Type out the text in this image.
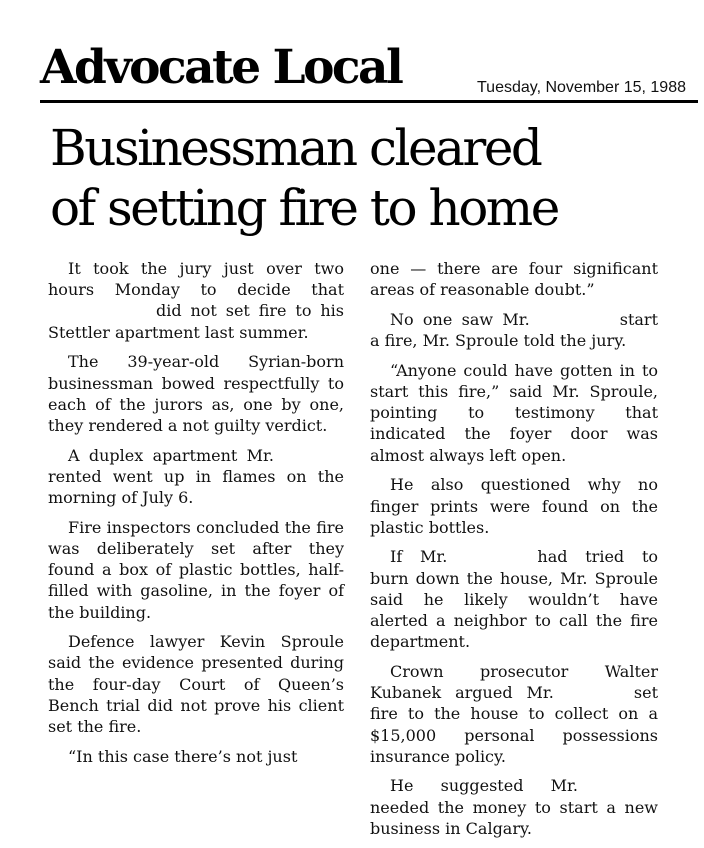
Advocate Local	Tuesday, November 15, 1988
Businessman cleared
of setting fire to home

It took the jury just over two hours Monday to decide thatdid not set fire to his Stettler apartment last summer.

The 39-year-old Syrian-born businessman bowed respectfully to each of the jurors as, one by one, they rendered a not guilty verdict.

A duplex apartment Mr.rented went up in flames on the morning of July 6.

Fire inspectors concluded the fire was deliberately set after they found a box of plastic bottles, half-filled with gasoline, in the foyer of the building.

Defence lawyer Kevin Sproule said the evidence presented during the four-day Court of Queen’s Bench trial did not prove his client set the fire.

“In this case there’s not just

one — there are four significant areas of reasonable doubt.”

No one saw Mr.	start a fire, Mr. Sproule told the jury.

“Anyone could have gotten in to start this fire,” said Mr. Sproule, pointing to testimony that indicated the foyer door was almost always left open.

He also questioned why no finger prints were found on the plastic bottles.

If Mr.	had tried to burn down the house, Mr. Sproule said he likely wouldn’t have alerted a neighbor to call the fire department.

Crown prosecutor Walter Kubanek argued Mr.	set fire to the house to collect on a $15,000 personal possessions insurance policy.

He suggested Mr.needed the money to start a new business in Calgary.
